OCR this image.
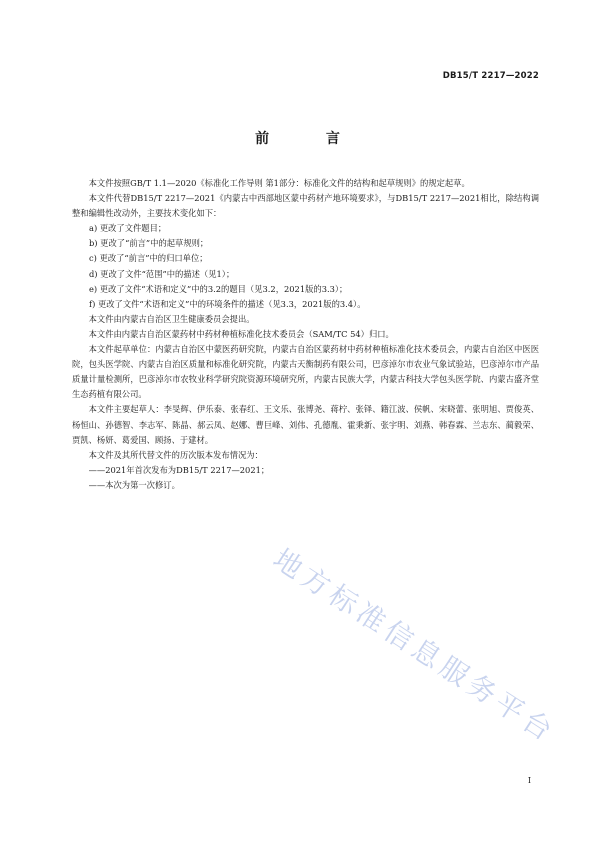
DB15/T 2217—2022
前 言

本文件按照GB/T 1.1—2020《标准化工作导则 第1部分：标准化文件的结构和起草规则》的规定起草。

本文件代替DB15/T 2217—2021《内蒙古中西部地区蒙中药材产地环境要求》，与DB15/T 2217—2021相比，除结构调整和编辑性改动外，主要技术变化如下：

a) 更改了文件题目；

b) 更改了“前言”中的起草规则；

c) 更改了“前言”中的归口单位；

d) 更改了文件“范围”中的描述（见1）；

e) 更改了文件“术语和定义”中的3.2的题目（见3.2，2021版的3.3）；

f) 更改了文件“术语和定义”中的环境条件的描述（见3.3，2021版的3.4）。

本文件由内蒙古自治区卫生健康委员会提出。

本文件由内蒙古自治区蒙药材中药材种植标准化技术委员会（SAM/TC 54）归口。

本文件起草单位：内蒙古自治区中蒙医药研究院，内蒙古自治区蒙药材中药材种植标准化技术委员会，内蒙古自治区中医医院，包头医学院、内蒙古自治区质量和标准化研究院，内蒙古天衡制药有限公司，巴彦淖尔市农业气象试验站，巴彦淖尔市产品质量计量检测所，巴彦淖尔市农牧业科学研究院资源环境研究所，内蒙古民族大学，内蒙古科技大学包头医学院、内蒙古盛齐堂生态药植有限公司。

本文件主要起草人：李旻辉、伊乐泰、张春红、王文乐、张博尧、蒋柠、张铎、籍江波、侯帆、宋晓蕾、张明旭、贾俊英、杨恒山、孙德智、李志军、陈晶、郝云凤、赵娜、曹巨峰、刘伟、孔德胤、霍秉新、张宇明、刘燕、韩春霖、兰志东、蔺毅荣、贾凯、杨妍、葛爱国、顾扬、于建材。

本文件及其所代替文件的历次版本发布情况为：

——2021年首次发布为DB15/T 2217—2021；

——本次为第一次修订。

地方标准信息服务平台
I
